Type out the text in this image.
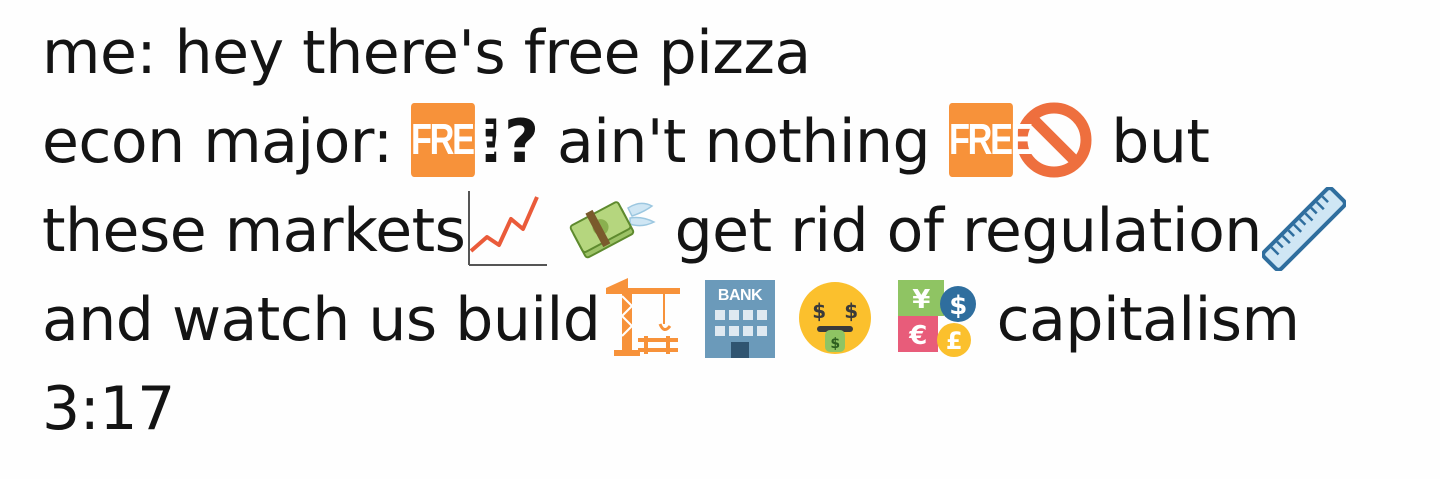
me: hey there's free pizza
econ major: FREE!? ain't nothing FREE but
these markets
	get rid of regulation
and watch us build
	BANK

$ $
$

¥
€
$
£ capitalism
3:17
